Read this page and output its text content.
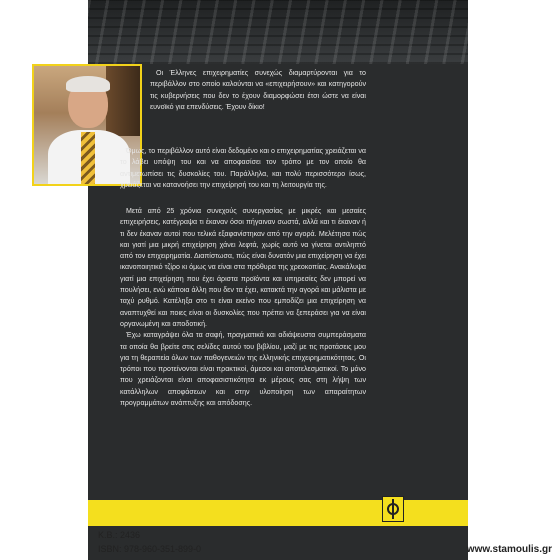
Οι Έλληνες επιχειρηματίες συνεχώς διαμαρτύρονται για το περιβάλλον στο οποίο καλούνται να «επιχειρήσουν» και κατηγορούν τις κυβερνήσεις που δεν το έχουν διαμορφώσει έτσι ώστε να είναι ευνοϊκό για επενδύσεις. Έχουν δίκιο!
Όμως, το περιβάλλον αυτό είναι δεδομένο και ο επιχειρηματίας χρειάζεται να το λάβει υπόψη του και να αποφασίσει τον τρόπο με τον οποίο θα αντιμετωπίσει τις δυσκολίες του. Παράλληλα, και πολύ περισσότερο ίσως, χρειάζεται να κατανοήσει την επιχείρησή του και τη λειτουργία της.
Μετά από 25 χρόνια συνεχούς συνεργασίας με μικρές και μεσαίες επιχειρήσεις, κατέγραψα τι έκαναν όσοι πήγαιναν σωστά, αλλά και τι έκαναν ή τι δεν έκαναν αυτοί που τελικά εξαφανίστηκαν από την αγορά. Μελέτησα πώς και γιατί μια μικρή επιχείρηση χάνει λεφτά, χωρίς αυτό να γίνεται αντιληπτό από τον επιχειρηματία. Διαπίστωσα, πώς είναι δυνατόν μια επιχείρηση να έχει ικανοποιητικό τζίρο κι όμως να είναι στα πρόθυρα της χρεοκοπίας. Ανακάλυψα γιατί μια επιχείρηση που έχει άριστα προϊόντα και υπηρεσίες δεν μπορεί να πουλήσει, ενώ κάποια άλλη που δεν τα έχει, κατακτά την αγορά και μάλιστα με ταχύ ρυθμό. Κατέληξα στο τι είναι εκείνο που εμποδίζει μια επιχείρηση να αναπτυχθεί και ποιες είναι οι δυσκολίες που πρέπει να ξεπεράσει για να είναι οργανωμένη και αποδοτική.
Έχω καταγράψει όλα τα σαφή, πραγματικά και αδιάψευστα συμπεράσματα τα οποία θα βρείτε στις σελίδες αυτού του βιβλίου, μαζί με τις προτάσεις μου για τη θεραπεία όλων των παθογενειών της ελληνικής επιχειρηματικότητας. Οι τρόποι που προτείνονται είναι πρακτικοί, άμεσοι και αποτελεσματικοί. Το μόνο που χρειάζονται είναι αποφασιστικότητα εκ μέρους σας στη λήψη των κατάλληλων αποφάσεων και στην υλοποίηση των απαραίτητων προγραμμάτων ανάπτυξης και απόδοσης.
Κ.Β.: 2436
ISBN: 978-960-351-899-0	www.stamoulis.gr
